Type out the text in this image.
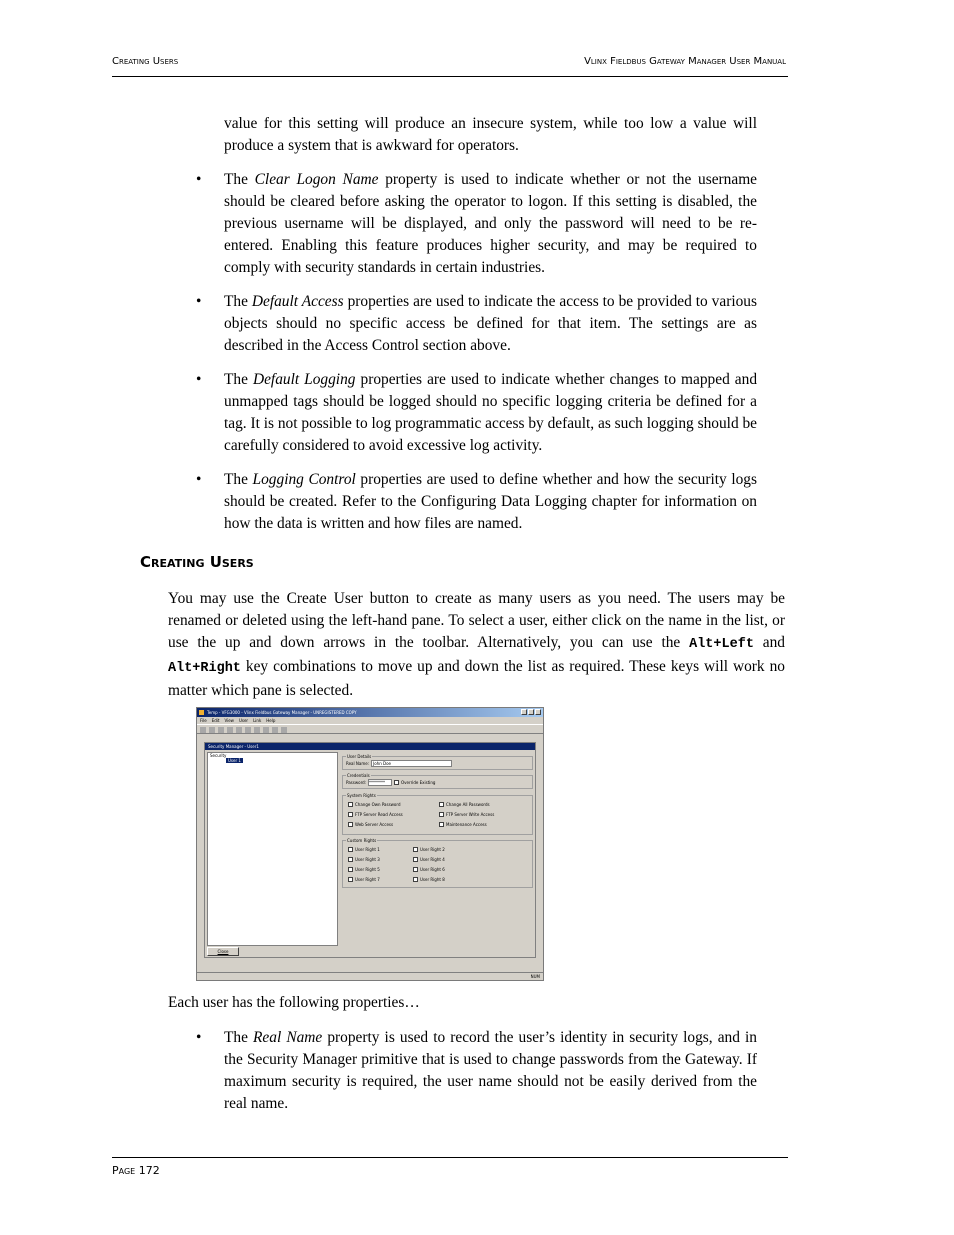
Creating Users	Vlinx Fieldbus Gateway Manager User Manual

value for this setting will produce an insecure system, while too low a value will produce a system that is awkward for operators.

• The Clear Logon Name property is used to indicate whether or not the username should be cleared before asking the operator to logon. If this setting is disabled, the previous username will be displayed, and only the password will need to be re-entered. Enabling this feature produces higher security, and may be required to comply with security standards in certain industries.

• The Default Access properties are used to indicate the access to be provided to various objects should no specific access be defined for that item. The settings are as described in the Access Control section above.

• The Default Logging properties are used to indicate whether changes to mapped and unmapped tags should be logged should no specific logging criteria be defined for a tag. It is not possible to log programmatic access by default, as such logging should be carefully considered to avoid excessive log activity.

• The Logging Control properties are used to define whether and how the security logs should be created. Refer to the Configuring Data Logging chapter for information on how the data is written and how files are named.

Creating Users

You may use the Create User button to create as many users as you need. The users may be renamed or deleted using the left-hand pane. To select a user, either click on the name in the list, or use the up and down arrows in the toolbar. Alternatively, you can use the Alt+Left and Alt+Right key combinations to move up and down the list as required. These keys will work no matter which pane is selected.

Temp - VFG3000 - Vlinx Fieldbus Gateway Manager - UNREGISTERED COPY
File Edit View User Link Help
Security Manager - User1
Security
User 1
Close
User Details
Real Name:	John Doe
Credentials
Password: ********	Override Existing
System Rights
Change Own Password	Change All Passwords
FTP Server Read Access	FTP Server Write Access
Web Server Access	Maintenance Access
Custom Rights
User Right 1	User Right 2
User Right 3	User Right 4
User Right 5	User Right 6
User Right 7	User Right 8
NUM

Each user has the following properties…

• The Real Name property is used to record the user’s identity in security logs, and in the Security Manager primitive that is used to change passwords from the Gateway. If maximum security is required, the user name should not be easily derived from the real name.

Page 172
